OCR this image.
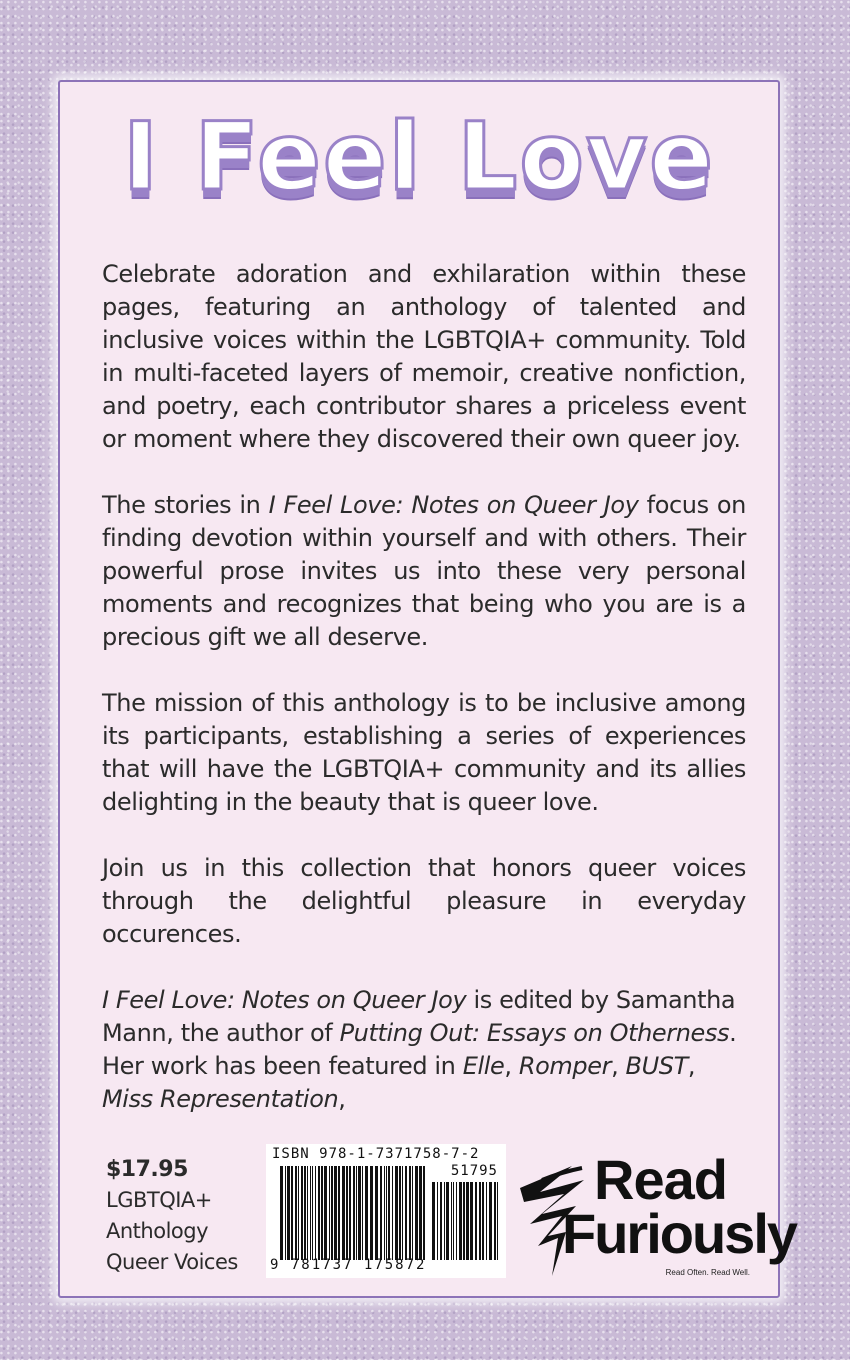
I Feel Love

Celebrate adoration and exhilaration within these pages, featuring an anthology of talented and inclusive voices within the LGBTQIA+ community. Told in multi-faceted layers of memoir, creative nonfiction, and poetry, each contributor shares a priceless event or moment where they discovered their own queer joy.

The stories in I Feel Love: Notes on Queer Joy focus on finding devotion within yourself and with others. Their powerful prose invites us into these very personal moments and recognizes that being who you are is a precious gift we all deserve.

The mission of this anthology is to be inclusive among its participants, establishing a series of experiences that will have the LGBTQIA+ community and its allies delighting in the beauty that is queer love.

Join us in this collection that honors queer voices through the delightful pleasure in everyday occurences.

I Feel Love: Notes on Queer Joy is edited by Samantha Mann, the author of Putting Out: Essays on Otherness. Her work has been featured in Elle, Romper, BUST, Miss Representation,

$17.95
LGBTQIA+
Anthology
Queer Voices
ISBN 978-1-7371758-7-2
51795
9 781737 175872
Read
Furiously
Read Often. Read Well.
